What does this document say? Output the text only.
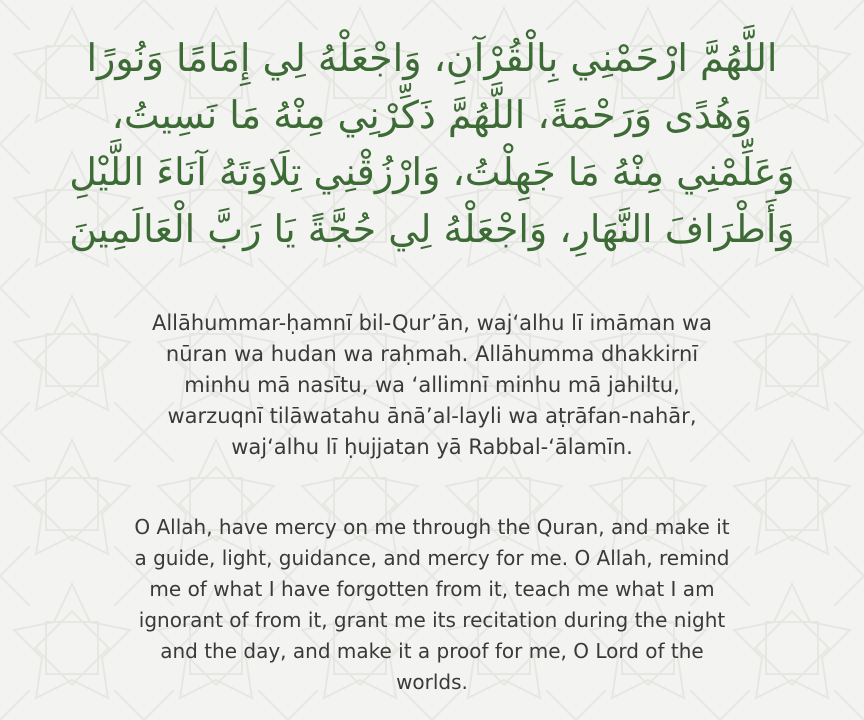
اللَّهُمَّ ارْحَمْنِي بِالْقُرْآنِ، وَاجْعَلْهُ لِي إِمَامًا وَنُورًا
وَهُدًى وَرَحْمَةً، اللَّهُمَّ ذَكِّرْنِي مِنْهُ مَا نَسِيتُ،
وَعَلِّمْنِي مِنْهُ مَا جَهِلْتُ، وَارْزُقْنِي تِلَاوَتَهُ آنَاءَ اللَّيْلِ
وَأَطْرَافَ النَّهَارِ، وَاجْعَلْهُ لِي حُجَّةً يَا رَبَّ الْعَالَمِينَ
Allāhummar-ḥamnī bil-Qur’ān, waj‘alhu lī imāman wa
nūran wa hudan wa raḥmah. Allāhumma dhakkirnī
minhu mā nasītu, wa ‘allimnī minhu mā jahiltu,
warzuqnī tilāwatahu ānā’al-layli wa aṭrāfan-nahār,
waj‘alhu lī ḥujjatan yā Rabbal-‘ālamīn.
O Allah, have mercy on me through the Quran, and make it
a guide, light, guidance, and mercy for me. O Allah, remind
me of what I have forgotten from it, teach me what I am
ignorant of from it, grant me its recitation during the night
and the day, and make it a proof for me, O Lord of the
worlds.
